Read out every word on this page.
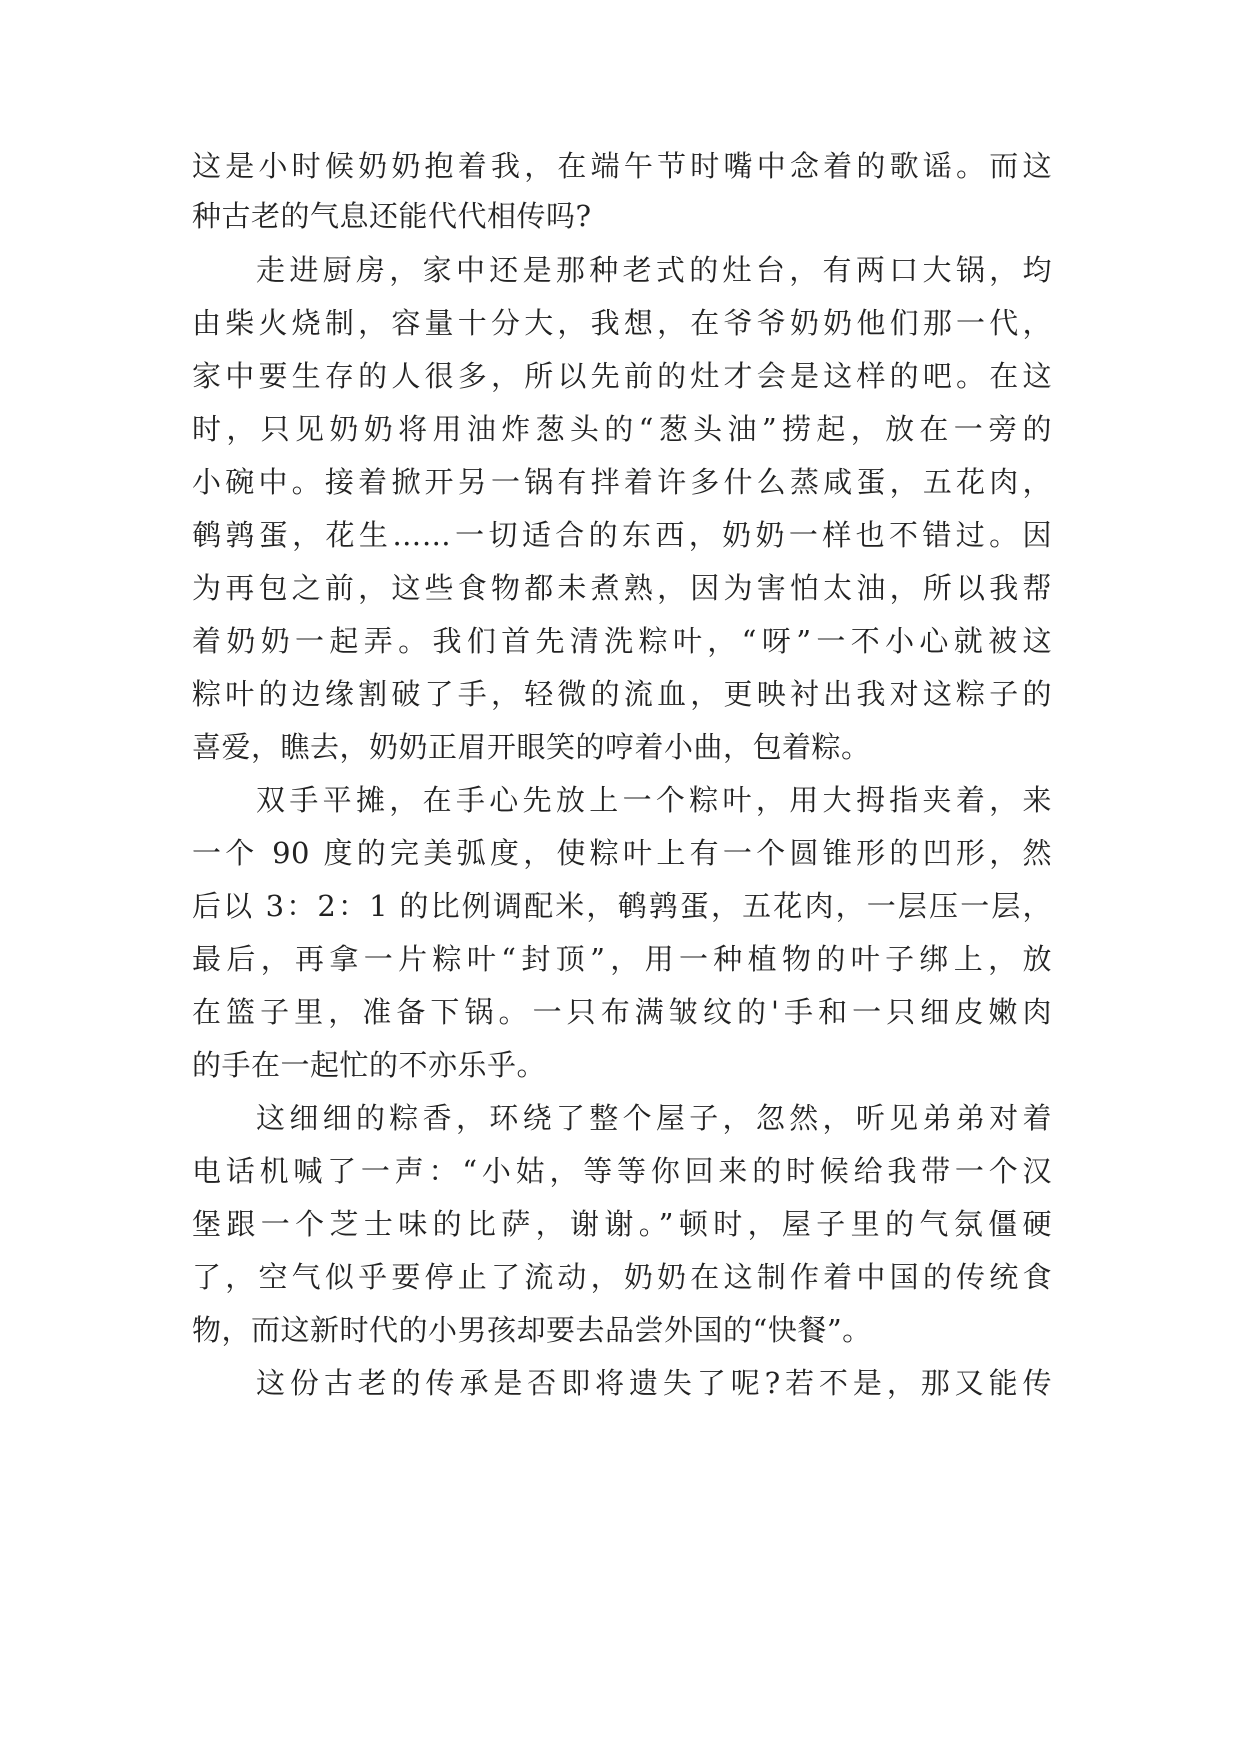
这是小时候奶奶抱着我，在端午节时嘴中念着的歌谣。而这
种古老的气息还能代代相传吗?
走进厨房，家中还是那种老式的灶台，有两口大锅，均
由柴火烧制，容量十分大，我想，在爷爷奶奶他们那一代，
家中要生存的人很多，所以先前的灶才会是这样的吧。在这
时，只见奶奶将用油炸葱头的“葱头油”捞起，放在一旁的
小碗中。接着掀开另一锅有拌着许多什么蒸咸蛋，五花肉，
鹌鹑蛋，花生……一切适合的东西，奶奶一样也不错过。因
为再包之前，这些食物都未煮熟，因为害怕太油，所以我帮
着奶奶一起弄。我们首先清洗粽叶，“呀”一不小心就被这
粽叶的边缘割破了手，轻微的流血，更映衬出我对这粽子的
喜爱，瞧去，奶奶正眉开眼笑的哼着小曲，包着粽。
双手平摊，在手心先放上一个粽叶，用大拇指夹着，来
一个 90 度的完美弧度，使粽叶上有一个圆锥形的凹形，然
后以 3：2：1 的比例调配米，鹌鹑蛋，五花肉，一层压一层，
最后，再拿一片粽叶“封顶”，用一种植物的叶子绑上，放
在篮子里，准备下锅。一只布满皱纹的'手和一只细皮嫩肉
的手在一起忙的不亦乐乎。
这细细的粽香，环绕了整个屋子，忽然，听见弟弟对着
电话机喊了一声：“小姑，等等你回来的时候给我带一个汉
堡跟一个芝士味的比萨，谢谢。”顿时，屋子里的气氛僵硬
了，空气似乎要停止了流动，奶奶在这制作着中国的传统食
物，而这新时代的小男孩却要去品尝外国的“快餐”。
这份古老的传承是否即将遗失了呢?若不是，那又能传
